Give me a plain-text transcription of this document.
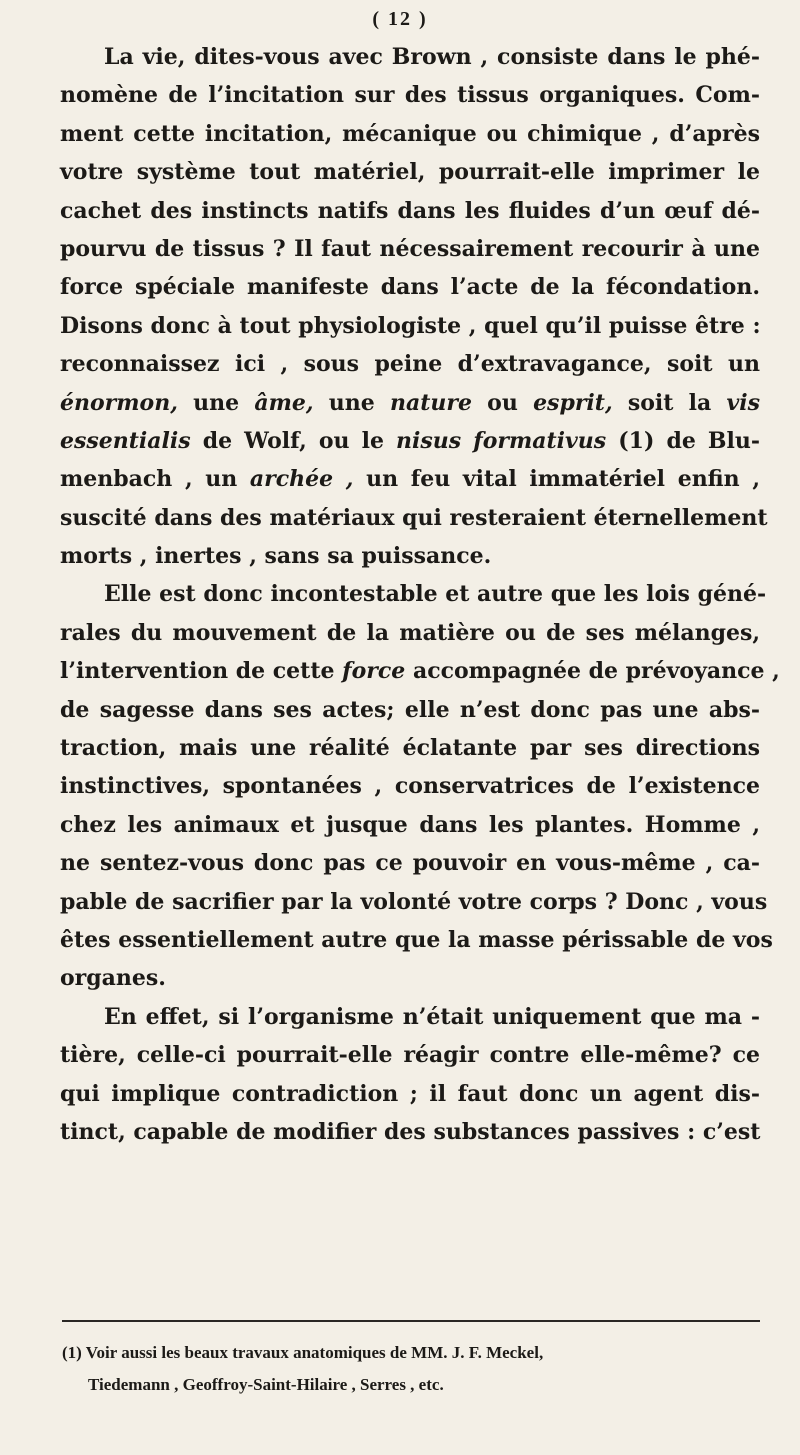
( 12 )
La vie, dites-vous avec Brown , consiste dans le phé-
nomène de l’incitation sur des tissus organiques. Com-
ment cette incitation, mécanique ou chimique , d’après
votre système tout matériel, pourrait-elle imprimer le
cachet des instincts natifs dans les fluides d’un œuf dé-
pourvu de tissus ? Il faut nécessairement recourir à une
force spéciale manifeste dans l’acte de la fécondation.
Disons donc à tout physiologiste , quel qu’il puisse être :
reconnaissez ici , sous peine d’extravagance, soit un
énormon, une âme, une nature ou esprit, soit la vis
essentialis de Wolf, ou le nisus formativus (1) de Blu-
menbach , un archée , un feu vital immatériel enfin ,
suscité dans des matériaux qui resteraient éternellement
morts , inertes , sans sa puissance.
Elle est donc incontestable et autre que les lois géné-
rales du mouvement de la matière ou de ses mélanges,
l’intervention de cette force accompagnée de prévoyance ,
de sagesse dans ses actes; elle n’est donc pas une abs-
traction, mais une réalité éclatante par ses directions
instinctives, spontanées , conservatrices de l’existence
chez les animaux et jusque dans les plantes. Homme ,
ne sentez-vous donc pas ce pouvoir en vous-même , ca-
pable de sacrifier par la volonté votre corps ? Donc , vous
êtes essentiellement autre que la masse périssable de vos
organes.
En effet, si l’organisme n’était uniquement que ma -
tière, celle-ci pourrait-elle réagir contre elle-même? ce
qui implique contradiction ; il faut donc un agent dis-
tinct, capable de modifier des substances passives : c’est
(1) Voir aussi les beaux travaux anatomiques de MM. J. F. Meckel,
Tiedemann , Geoffroy-Saint-Hilaire , Serres , etc.
